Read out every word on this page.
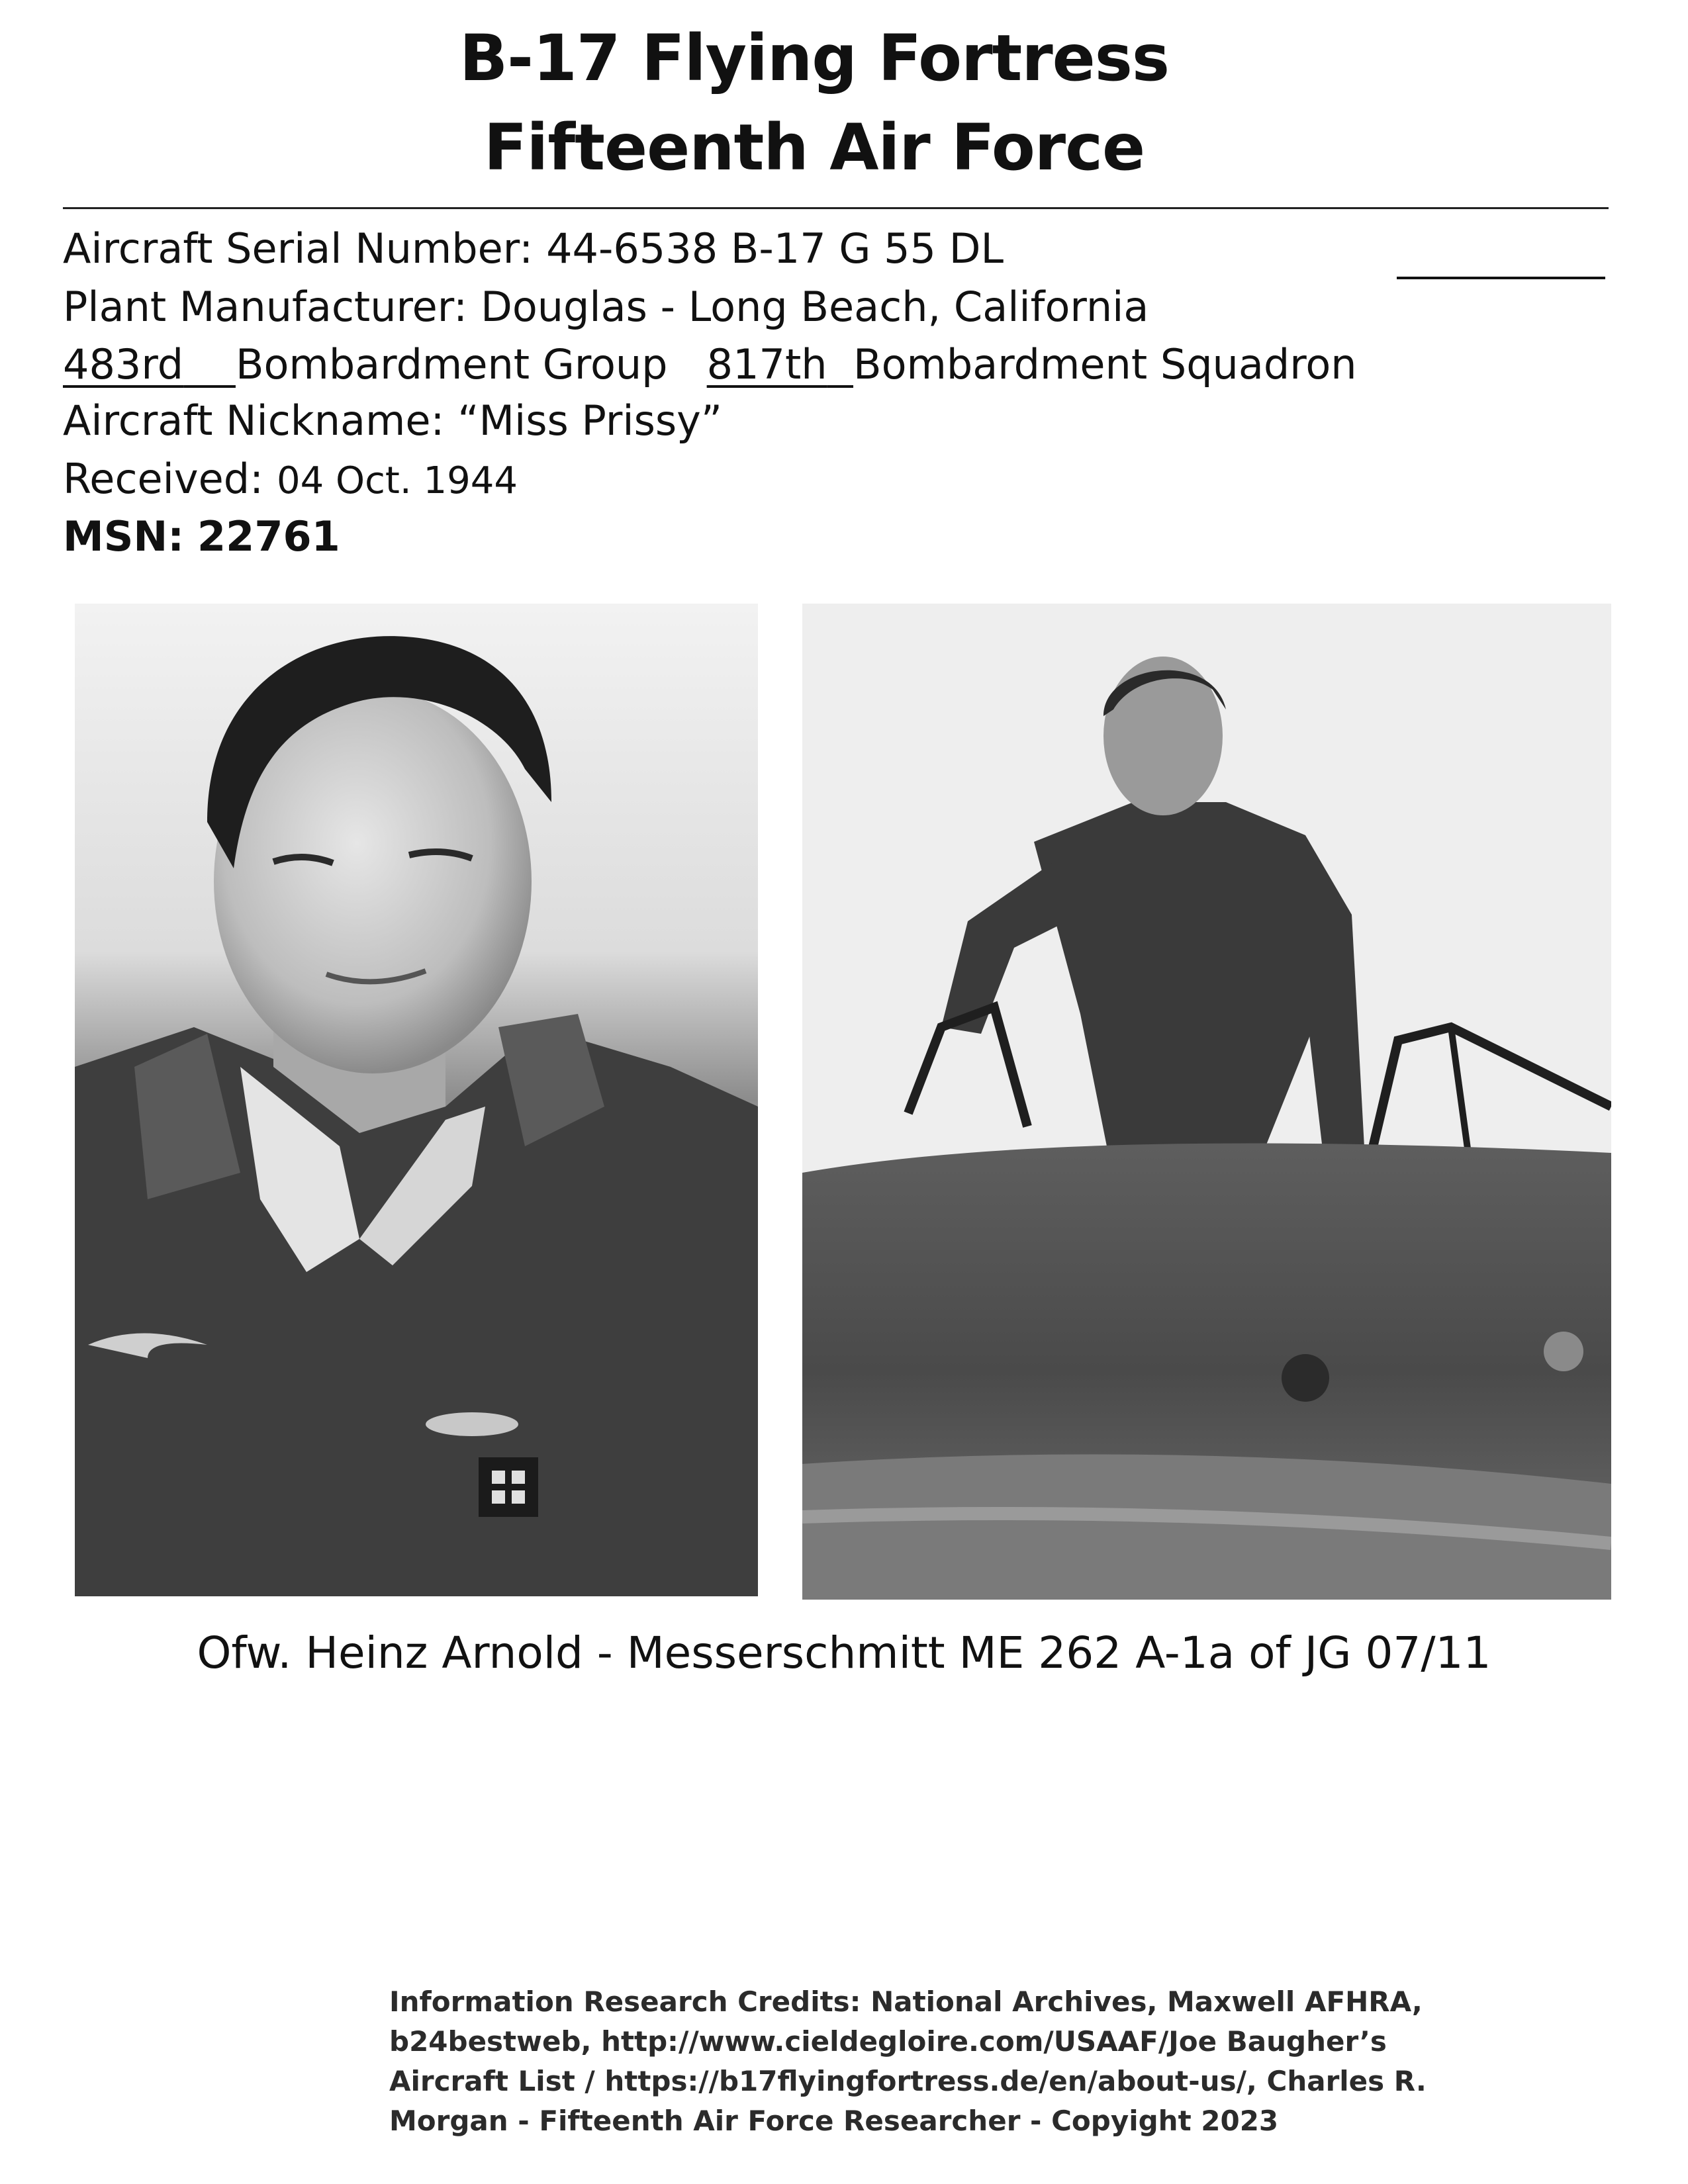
B-17 Flying Fortress
Fifteenth Air Force
Aircraft Serial Number: 44-6538 B-17 G 55 DL
Plant Manufacturer: Douglas - Long Beach, California
483rd Bombardment Group 817th Bombardment Squadron
Aircraft Nickname: “Miss Prissy”
Received: 04 Oct. 1944
MSN: 22761
Ofw. Heinz Arnold - Messerschmitt ME 262 A-1a of JG 07/11
Information Research Credits: National Archives, Maxwell AFHRA,
b24bestweb, http://www.cieldegloire.com/USAAF/Joe Baugher’s
Aircraft List / https://b17flyingfortress.de/en/about-us/, Charles R.
Morgan - Fifteenth Air Force Researcher - Copyight 2023
